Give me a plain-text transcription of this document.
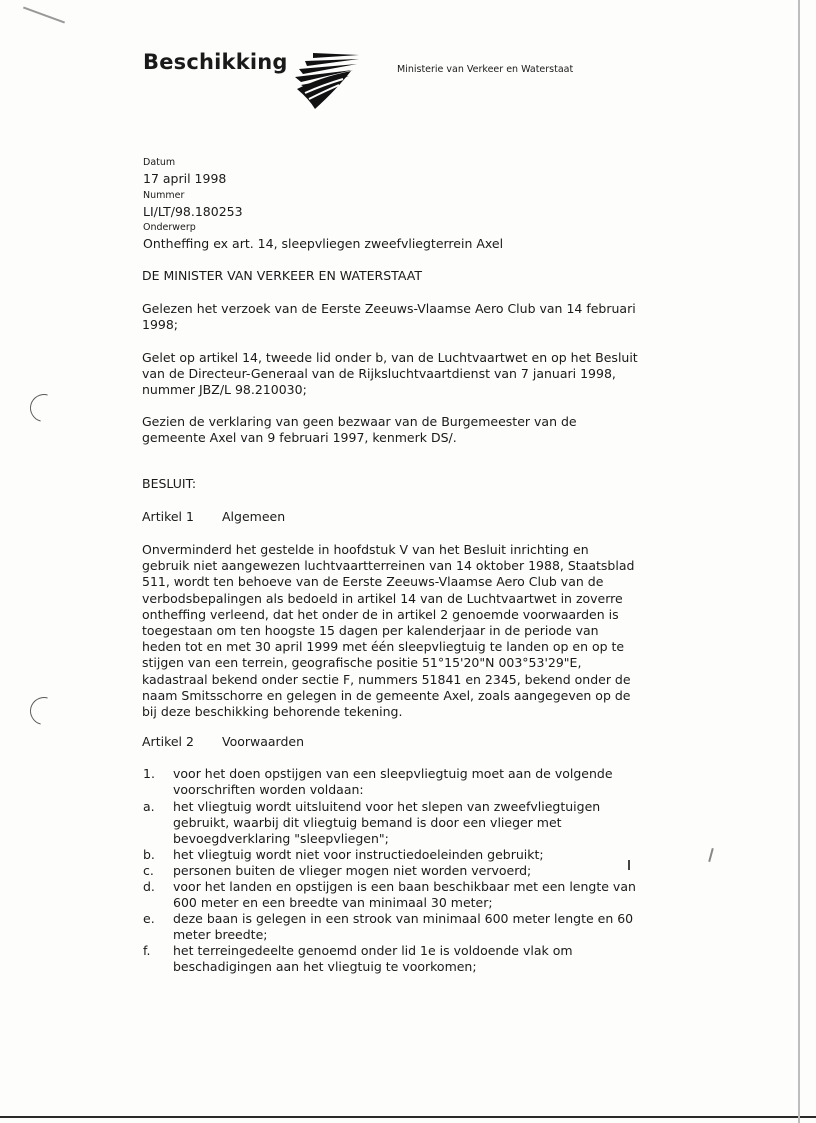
Beschikking	Ministerie van Verkeer en Waterstaat
Datum
17 april 1998
Nummer
LI/LT/98.180253
Onderwerp
Ontheffing ex art. 14, sleepvliegen zweefvliegterrein Axel
DE MINISTER VAN VERKEER EN WATERSTAAT
Gelezen het verzoek van de Eerste Zeeuws-Vlaamse Aero Club van 14 februari 1998;
Gelet op artikel 14, tweede lid onder b, van de Luchtvaartwet en op het Besluit van de Directeur-Generaal van de Rijksluchtvaartdienst van 7 januari 1998, nummer JBZ/L 98.210030;
Gezien de verklaring van geen bezwaar van de Burgemeester van de gemeente Axel van 9 februari 1997, kenmerk DS/.
BESLUIT:
Artikel 1 Algemeen
Onverminderd het gestelde in hoofdstuk V van het Besluit inrichting en gebruik niet aangewezen luchtvaartterreinen van 14 oktober 1988, Staatsblad 511, wordt ten behoeve van de Eerste Zeeuws-Vlaamse Aero Club van de verbodsbepalingen als bedoeld in artikel 14 van de Luchtvaartwet in zoverre ontheffing verleend, dat het onder de in artikel 2 genoemde voorwaarden is toegestaan om ten hoogste 15 dagen per kalenderjaar in de periode van heden tot en met 30 april 1999 met één sleepvliegtuig te landen op en op te stijgen van een terrein, geografische positie 51°15'20"N 003°53'29"E, kadastraal bekend onder sectie F, nummers 51841 en 2345, bekend onder de naam Smitsschorre en gelegen in de gemeente Axel, zoals aangegeven op de bij deze beschikking behorende tekening.
Artikel 2 Voorwaarden
1. voor het doen opstijgen van een sleepvliegtuig moet aan de volgende voorschriften worden voldaan:
a. het vliegtuig wordt uitsluitend voor het slepen van zweefvliegtuigen gebruikt, waarbij dit vliegtuig bemand is door een vlieger met bevoegdverklaring "sleepvliegen";
b. het vliegtuig wordt niet voor instructiedoeleinden gebruikt;
c. personen buiten de vlieger mogen niet worden vervoerd;
d. voor het landen en opstijgen is een baan beschikbaar met een lengte van 600 meter en een breedte van minimaal 30 meter;
e. deze baan is gelegen in een strook van minimaal 600 meter lengte en 60 meter breedte;
f. het terreingedeelte genoemd onder lid 1e is voldoende vlak om beschadigingen aan het vliegtuig te voorkomen;
